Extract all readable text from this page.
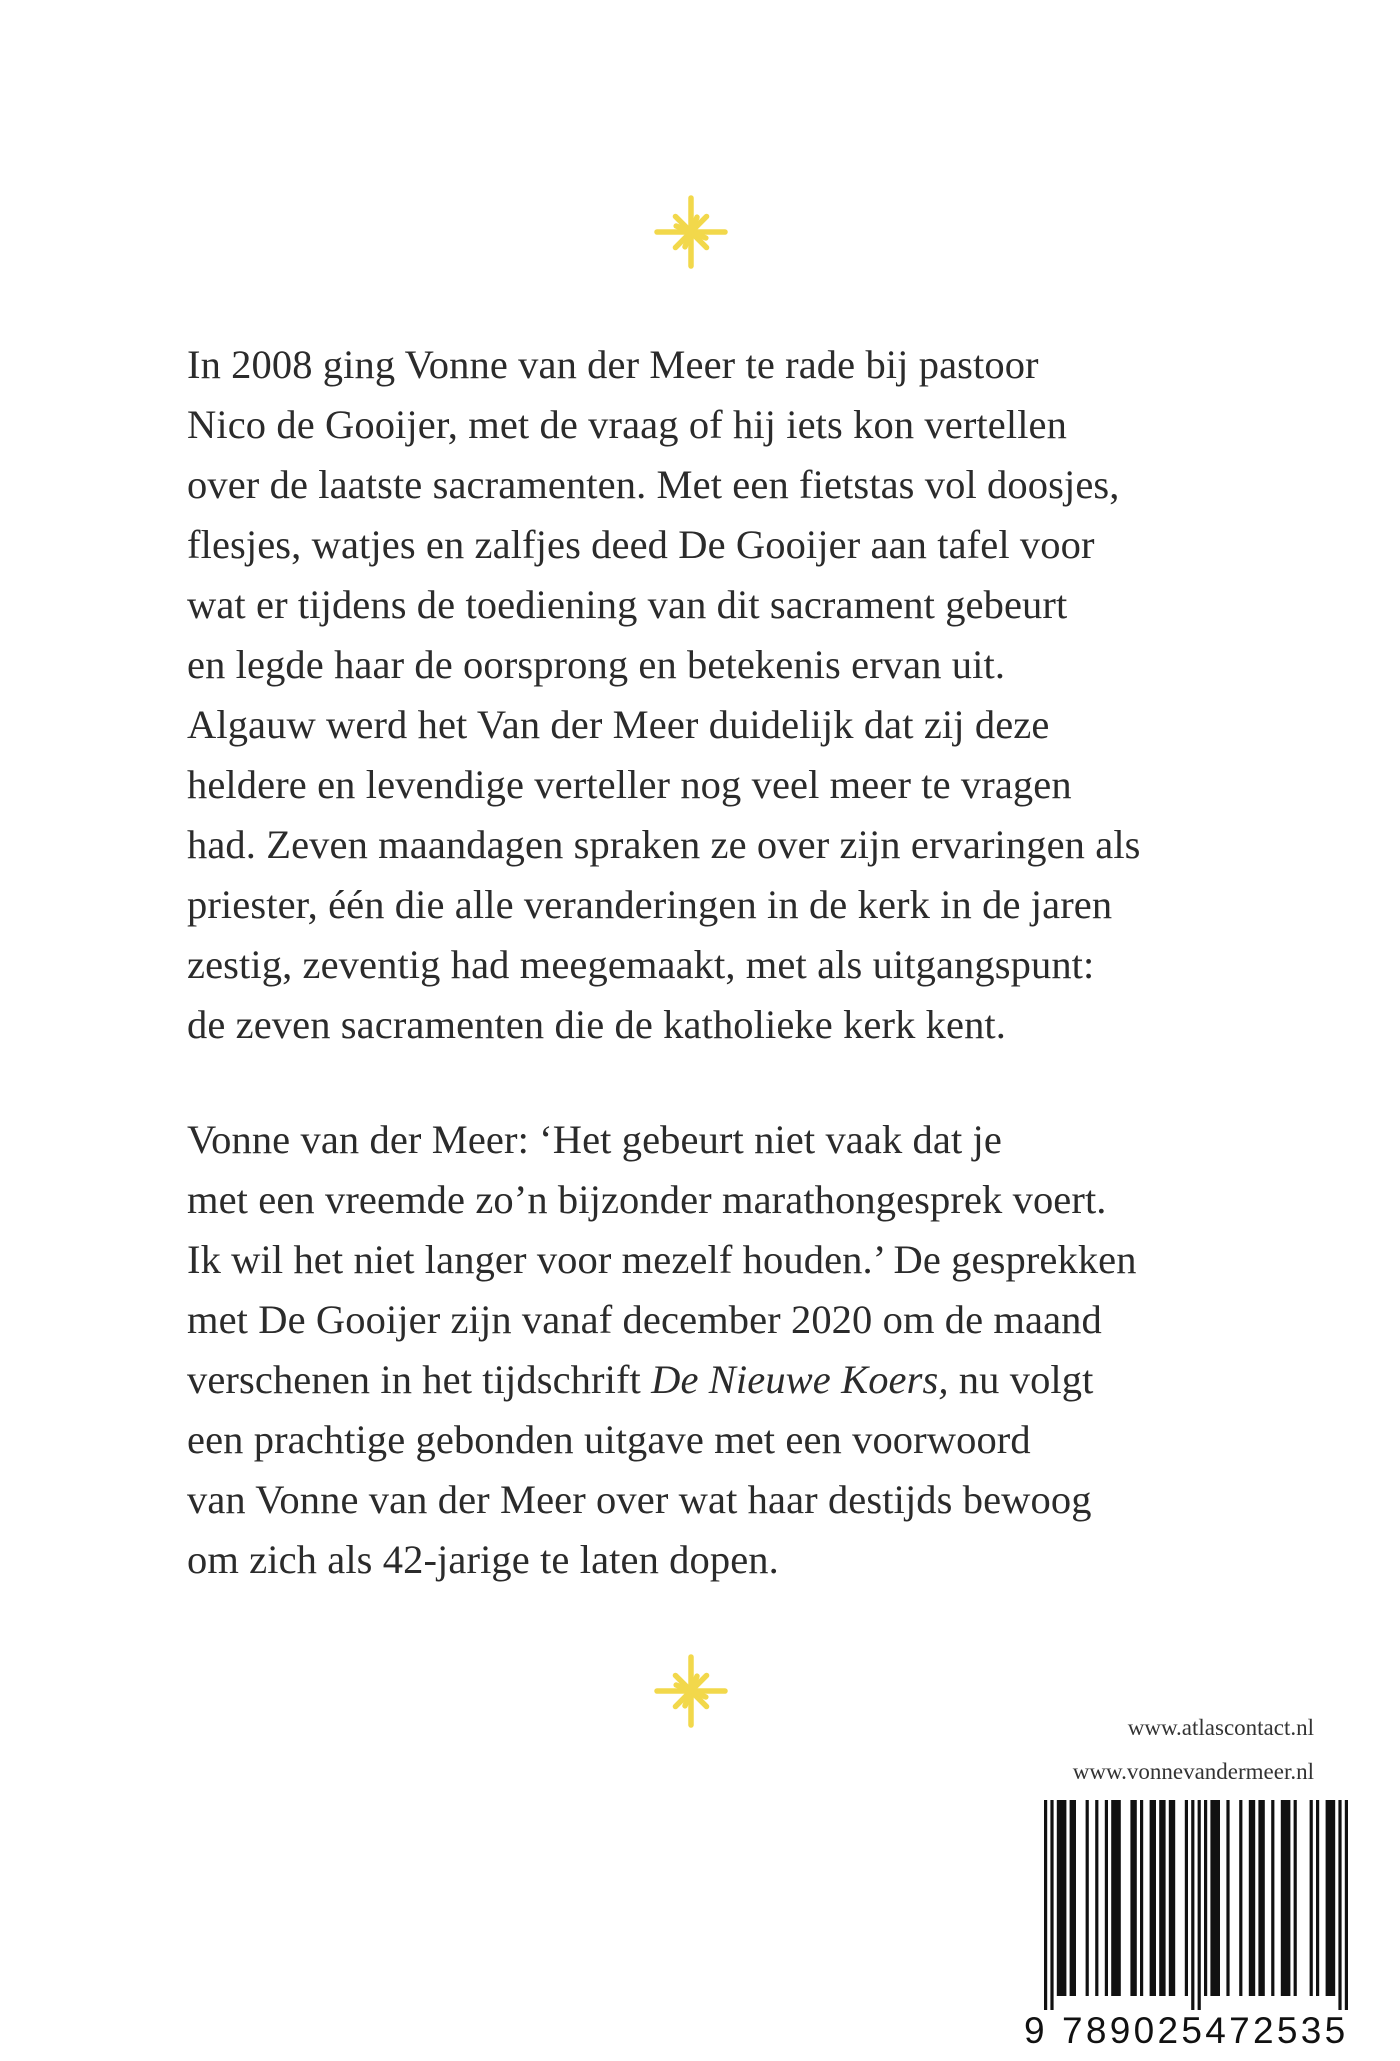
In 2008 ging Vonne van der Meer te rade bij pastoor
Nico de Gooijer, met de vraag of hij iets kon vertellen
over de laatste sacramenten. Met een fietstas vol doosjes,
flesjes, watjes en zalfjes deed De Gooijer aan tafel voor
wat er tijdens de toediening van dit sacrament gebeurt
en legde haar de oorsprong en betekenis ervan uit.
Algauw werd het Van der Meer duidelijk dat zij deze
heldere en levendige verteller nog veel meer te vragen
had. Zeven maandagen spraken ze over zijn ervaringen als
priester, één die alle veranderingen in de kerk in de jaren
zestig, zeventig had meegemaakt, met als uitgangspunt:
de zeven sacramenten die de katholieke kerk kent.
Vonne van der Meer: ‘Het gebeurt niet vaak dat je
met een vreemde zo’n bijzonder marathongesprek voert.
Ik wil het niet langer voor mezelf houden.’ De gesprekken
met De Gooijer zijn vanaf december 2020 om de maand
verschenen in het tijdschrift De Nieuwe Koers, nu volgt
een prachtige gebonden uitgave met een voorwoord
van Vonne van der Meer over wat haar destijds bewoog
om zich als 42-jarige te laten dopen.
www.atlascontact.nl
www.vonnevandermeer.nl
9 789025472535
